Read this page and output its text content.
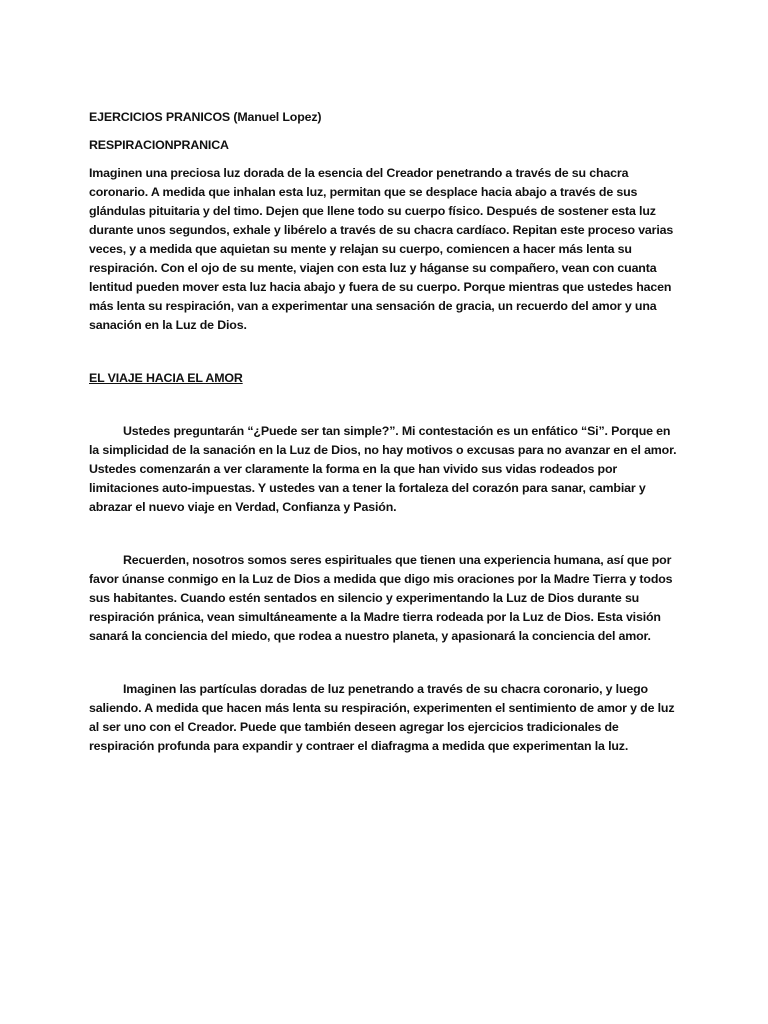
EJERCICIOS PRANICOS (Manuel Lopez)

RESPIRACIONPRANICA

Imaginen una preciosa luz dorada de la esencia del Creador penetrando a través de su chacra coronario. A medida que inhalan esta luz, permitan que se desplace hacia abajo a través de sus glándulas pituitaria y del timo. Dejen que llene todo su cuerpo físico. Después de sostener esta luz durante unos segundos, exhale y libérelo a través de su chacra cardíaco. Repitan este proceso varias veces, y a medida que aquietan su mente y relajan su cuerpo, comiencen a hacer más lenta su respiración. Con el ojo de su mente, viajen con esta luz y háganse su compañero, vean con cuanta lentitud pueden mover esta luz hacia abajo y fuera de su cuerpo. Porque mientras que ustedes hacen más lenta su respiración, van a experimentar una sensación de gracia, un recuerdo del amor y una sanación en la Luz de Dios.

EL VIAJE HACIA EL AMOR

Ustedes preguntarán “¿Puede ser tan simple?”. Mi contestación es un enfático “Si”. Porque en la simplicidad de la sanación en la Luz de Dios, no hay motivos o excusas para no avanzar en el amor. Ustedes comenzarán a ver claramente la forma en la que han vivido sus vidas rodeados por limitaciones auto-impuestas. Y ustedes van a tener la fortaleza del corazón para sanar, cambiar y abrazar el nuevo viaje en Verdad, Confianza y Pasión.

Recuerden, nosotros somos seres espirituales que tienen una experiencia humana, así que por favor únanse conmigo en la Luz de Dios a medida que digo mis oraciones por la Madre Tierra y todos sus habitantes. Cuando estén sentados en silencio y experimentando la Luz de Dios durante su respiración pránica, vean simultáneamente a la Madre tierra rodeada por la Luz de Dios. Esta visión sanará la conciencia del miedo, que rodea a nuestro planeta, y apasionará la conciencia del amor.

Imaginen las partículas doradas de luz penetrando a través de su chacra coronario, y luego saliendo. A medida que hacen más lenta su respiración, experimenten el sentimiento de amor y de luz al ser uno con el Creador. Puede que también deseen agregar los ejercicios tradicionales de respiración profunda para expandir y contraer el diafragma a medida que experimentan la luz.
